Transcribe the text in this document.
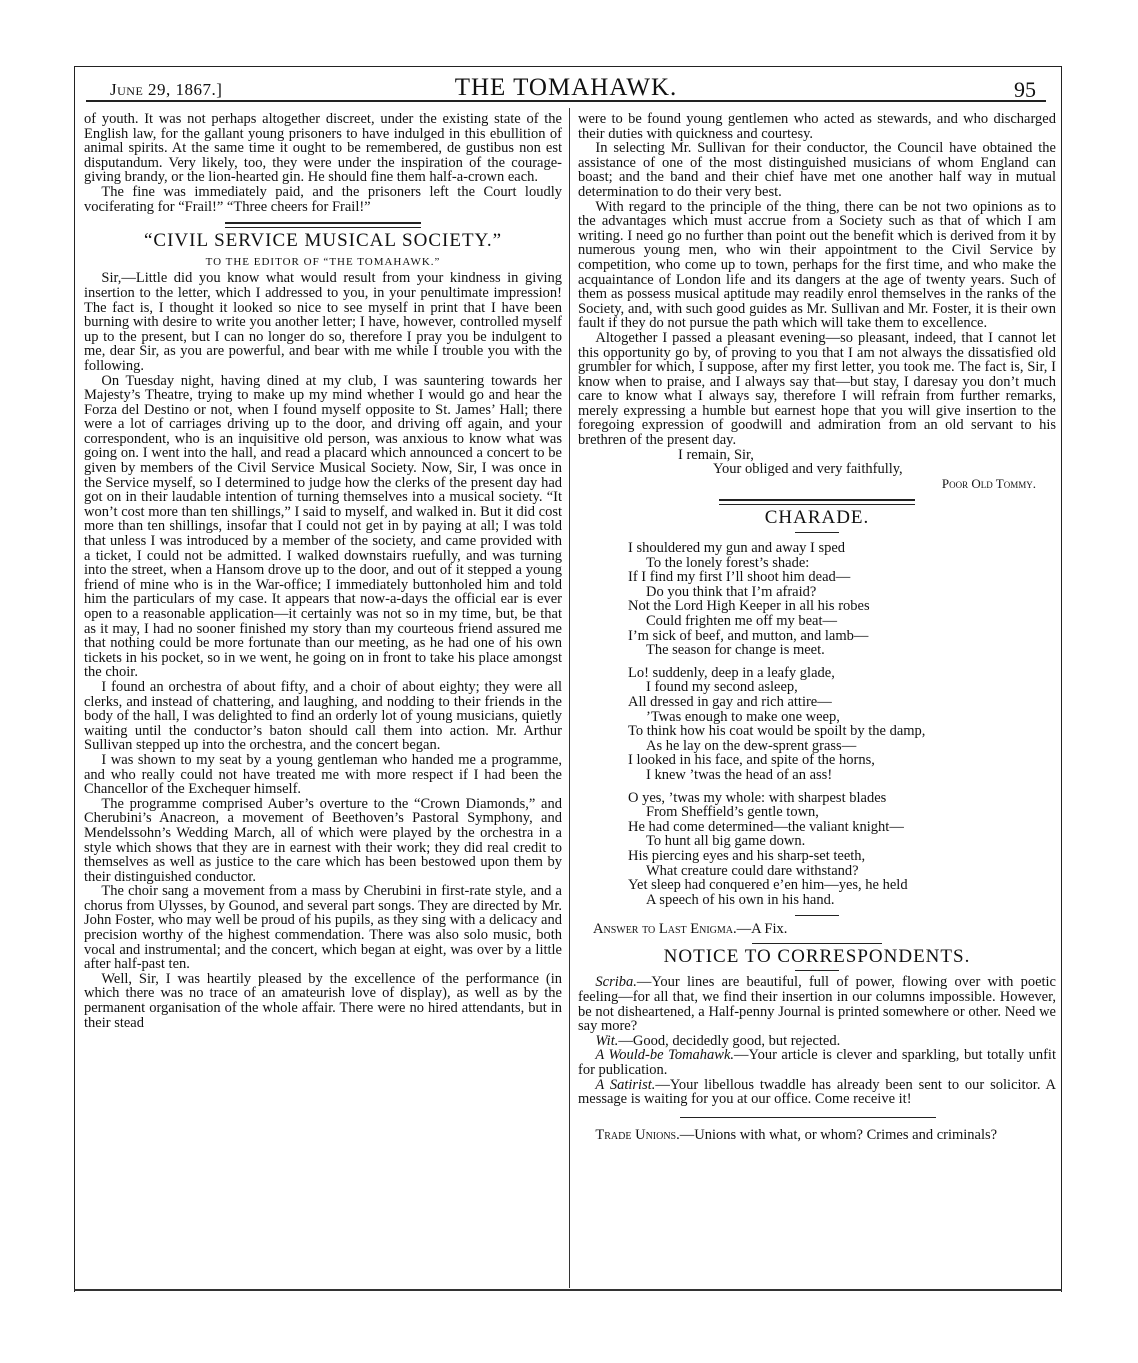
June 29, 1867.]	THE TOMAHAWK.	95

of youth. It was not perhaps altogether discreet, under the existing state of the English law, for the gallant young prisoners to have indulged in this ebullition of animal spirits. At the same time it ought to be remembered, de gustibus non est disputandum. Very likely, too, they were under the inspiration of the courage-giving brandy, or the lion-hearted gin. He should fine them half-a-crown each.

The fine was immediately paid, and the prisoners left the Court loudly vociferating for “Frail!” “Three cheers for Frail!”

“CIVIL SERVICE MUSICAL SOCIETY.”
TO THE EDITOR OF “THE TOMAHAWK.”

Sir,—Little did you know what would result from your kindness in giving insertion to the letter, which I addressed to you, in your penultimate impression! The fact is, I thought it looked so nice to see myself in print that I have been burning with desire to write you another letter; I have, however, controlled myself up to the present, but I can no longer do so, therefore I pray you be indulgent to me, dear Sir, as you are powerful, and bear with me while I trouble you with the following.

On Tuesday night, having dined at my club, I was sauntering towards her Majesty’s Theatre, trying to make up my mind whether I would go and hear the Forza del Destino or not, when I found myself opposite to St. James’ Hall; there were a lot of carriages driving up to the door, and driving off again, and your correspondent, who is an inquisitive old person, was anxious to know what was going on. I went into the hall, and read a placard which announced a concert to be given by members of the Civil Service Musical Society. Now, Sir, I was once in the Service myself, so I determined to judge how the clerks of the present day had got on in their laudable intention of turning themselves into a musical society. “It won’t cost more than ten shillings,” I said to myself, and walked in. But it did cost more than ten shillings, insofar that I could not get in by paying at all; I was told that unless I was introduced by a member of the society, and came provided with a ticket, I could not be admitted. I walked downstairs ruefully, and was turning into the street, when a Hansom drove up to the door, and out of it stepped a young friend of mine who is in the War-office; I immediately buttonholed him and told him the particulars of my case. It appears that now-a-days the official ear is ever open to a reasonable application—it certainly was not so in my time, but, be that as it may, I had no sooner finished my story than my courteous friend assured me that nothing could be more fortunate than our meeting, as he had one of his own tickets in his pocket, so in we went, he going on in front to take his place amongst the choir.

I found an orchestra of about fifty, and a choir of about eighty; they were all clerks, and instead of chattering, and laughing, and nodding to their friends in the body of the hall, I was delighted to find an orderly lot of young musicians, quietly waiting until the conductor’s baton should call them into action. Mr. Arthur Sullivan stepped up into the orchestra, and the concert began.

I was shown to my seat by a young gentleman who handed me a programme, and who really could not have treated me with more respect if I had been the Chancellor of the Exchequer himself.

The programme comprised Auber’s overture to the “Crown Diamonds,” and Cherubini’s Anacreon, a movement of Beethoven’s Pastoral Symphony, and Mendelssohn’s Wedding March, all of which were played by the orchestra in a style which shows that they are in earnest with their work; they did real credit to themselves as well as justice to the care which has been bestowed upon them by their distinguished conductor.

The choir sang a movement from a mass by Cherubini in first-rate style, and a chorus from Ulysses, by Gounod, and several part songs. They are directed by Mr. John Foster, who may well be proud of his pupils, as they sing with a delicacy and precision worthy of the highest commendation. There was also solo music, both vocal and instrumental; and the concert, which began at eight, was over by a little after half-past ten.

Well, Sir, I was heartily pleased by the excellence of the performance (in which there was no trace of an amateurish love of display), as well as by the permanent organisation of the whole affair. There were no hired attendants, but in their stead

were to be found young gentlemen who acted as stewards, and who discharged their duties with quickness and courtesy.

In selecting Mr. Sullivan for their conductor, the Council have obtained the assistance of one of the most distinguished musicians of whom England can boast; and the band and their chief have met one another half way in mutual determination to do their very best.

With regard to the principle of the thing, there can be not two opinions as to the advantages which must accrue from a Society such as that of which I am writing. I need go no further than point out the benefit which is derived from it by numerous young men, who win their appointment to the Civil Service by competition, who come up to town, perhaps for the first time, and who make the acquaintance of London life and its dangers at the age of twenty years. Such of them as possess musical aptitude may readily enrol themselves in the ranks of the Society, and, with such good guides as Mr. Sullivan and Mr. Foster, it is their own fault if they do not pursue the path which will take them to excellence.

Altogether I passed a pleasant evening—so pleasant, indeed, that I cannot let this opportunity go by, of proving to you that I am not always the dissatisfied old grumbler for which, I suppose, after my first letter, you took me. The fact is, Sir, I know when to praise, and I always say that—but stay, I daresay you don’t much care to know what I always say, therefore I will refrain from further remarks, merely expressing a humble but earnest hope that you will give insertion to the foregoing expression of goodwill and admiration from an old servant to his brethren of the present day.

I remain, Sir,

Your obliged and very faithfully,

Poor Old Tommy.

CHARADE.
I shouldered my gun and away I sped
To the lonely forest’s shade:
If I find my first I’ll shoot him dead—
Do you think that I’m afraid?
Not the Lord High Keeper in all his robes
Could frighten me off my beat—
I’m sick of beef, and mutton, and lamb—
The season for change is meet.
Lo! suddenly, deep in a leafy glade,
I found my second asleep,
All dressed in gay and rich attire—
’Twas enough to make one weep,
To think how his coat would be spoilt by the damp,
As he lay on the dew-sprent grass—
I looked in his face, and spite of the horns,
I knew ’twas the head of an ass!
O yes, ’twas my whole: with sharpest blades
From Sheffield’s gentle town,
He had come determined—the valiant knight—
To hunt all big game down.
His piercing eyes and his sharp-set teeth,
What creature could dare withstand?
Yet sleep had conquered e’en him—yes, he held
A speech of his own in his hand.

Answer to Last Enigma.—A Fix.

NOTICE TO CORRESPONDENTS.

Scriba.—Your lines are beautiful, full of power, flowing over with poetic feeling—for all that, we find their insertion in our columns impossible. However, be not disheartened, a Half-penny Journal is printed somewhere or other. Need we say more?

Wit.—Good, decidedly good, but rejected.

A Would-be Tomahawk.—Your article is clever and sparkling, but totally unfit for publication.

A Satirist.—Your libellous twaddle has already been sent to our solicitor. A message is waiting for you at our office. Come receive it!

Trade Unions.—Unions with what, or whom? Crimes and criminals?
